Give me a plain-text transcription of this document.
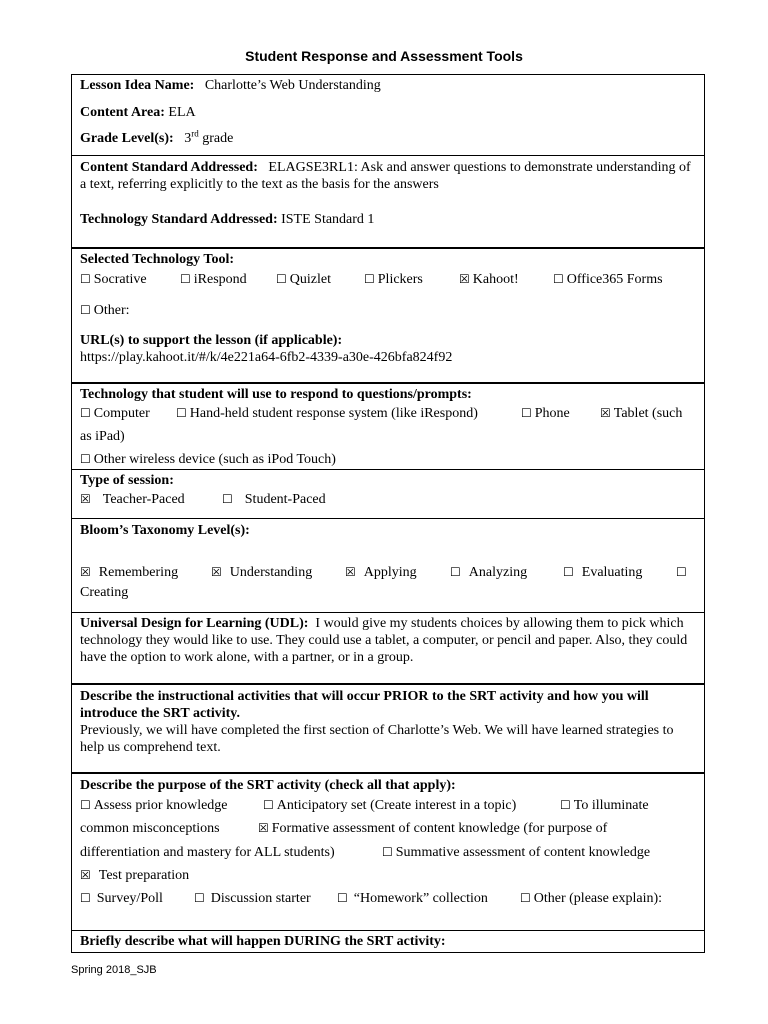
Student Response and Assessment Tools
Lesson Idea Name: Charlotte’s Web Understanding
Content Area: ELA
Grade Level(s): 3rd grade
Content Standard Addressed: ELAGSE3RL1: Ask and answer questions to demonstrate understanding of a text, referring explicitly to the text as the basis for the answers
Technology Standard Addressed: ISTE Standard 1
Selected Technology Tool:
☐ Socrative	☐ iRespond ☐ Quizlet	☐ Plickers	☒ Kahoot!	☐ Office365 Forms
☐ Other:
URL(s) to support the lesson (if applicable):
https://play.kahoot.it/#/k/4e221a64-6fb2-4339-a30e-426bfa824f92
Technology that student will use to respond to questions/prompts:
☐ Computer ☐ Hand-held student response system (like iRespond)	☐ Phone	☒ Tablet (such
as iPad)
☐ Other wireless device (such as iPod Touch)
Type of session:
☒ Teacher-Paced	☐ Student-Paced
Bloom’s Taxonomy Level(s):
☒ Remembering	☒ Understanding	☒ Applying	☐ Analyzing	☐ Evaluating	☐
Creating
Universal Design for Learning (UDL): I would give my students choices by allowing them to pick which technology they would like to use. They could use a tablet, a computer, or pencil and paper. Also, they could have the option to work alone, with a partner, or in a group.
Describe the instructional activities that will occur PRIOR to the SRT activity and how you will introduce the SRT activity.
Previously, we will have completed the first section of Charlotte’s Web. We will have learned strategies to help us comprehend text.
Describe the purpose of the SRT activity (check all that apply):
☐ Assess prior knowledge	☐ Anticipatory set (Create interest in a topic)	☐ To illuminate
common misconceptions	☒ Formative assessment of content knowledge (for purpose of
differentiation and mastery for ALL students)	☐ Summative assessment of content knowledge
☒ Test preparation
☐ Survey/Poll	☐ Discussion starter ☐ “Homework” collection	☐ Other (please explain):
Briefly describe what will happen DURING the SRT activity:
Spring 2018_SJB
